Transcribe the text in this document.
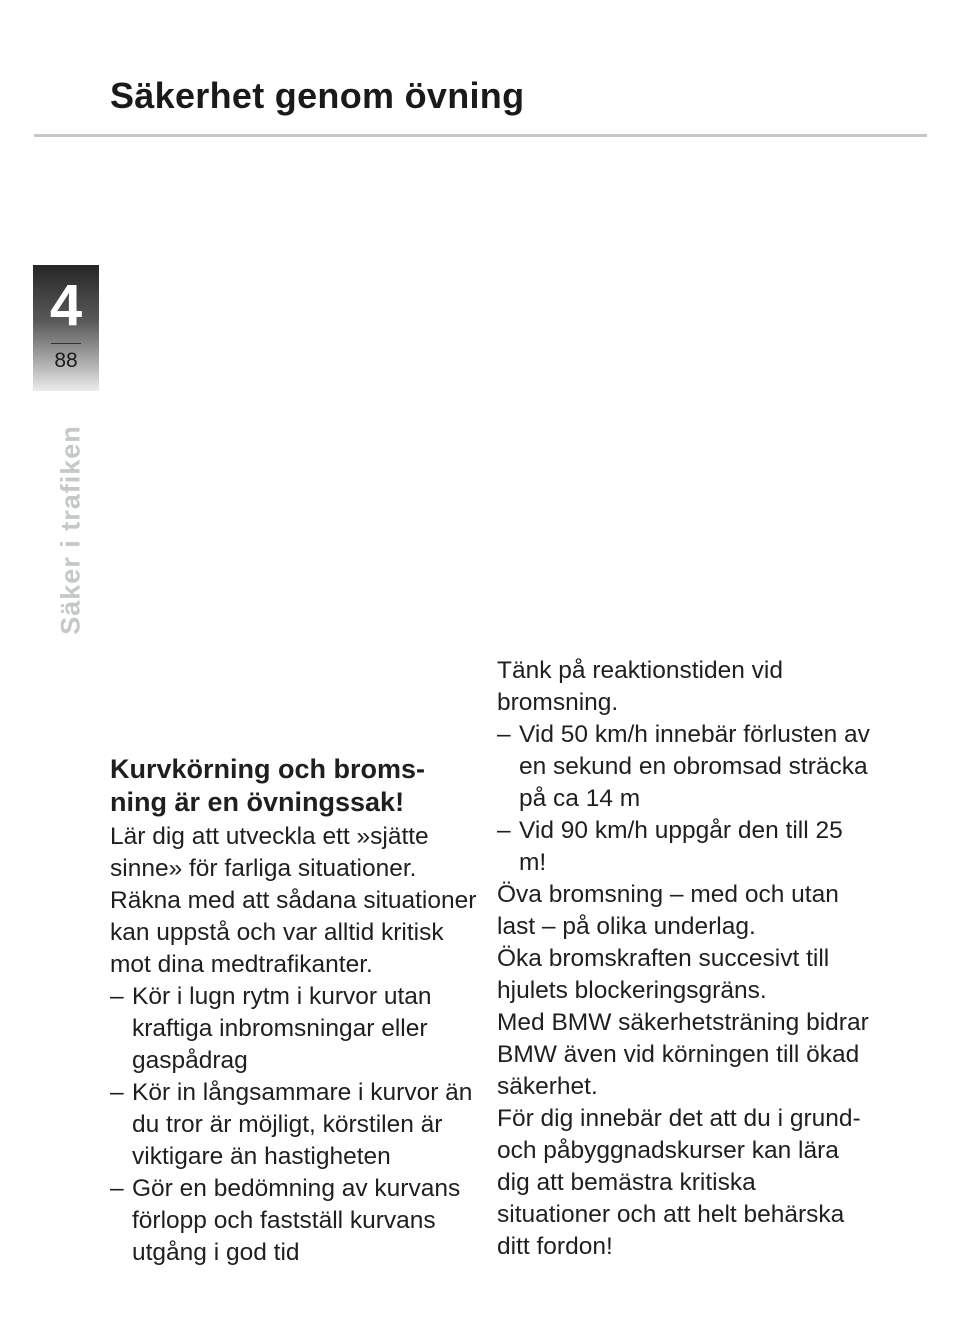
Säkerhet genom övning
4
88
Säker i trafiken
Kurvkörning och broms-
ning är en övningssak!

Lär dig att utveckla ett »sjätte sinne» för farliga situationer.

Räkna med att sådana situationer kan uppstå och var alltid kritisk mot dina medtrafikanter.

– Kör i lugn rytm i kurvor utan kraftiga inbromsningar eller gaspådrag
– Kör in långsammare i kurvor än du tror är möjligt, körstilen är viktigare än hastigheten
– Gör en bedömning av kurvans förlopp och fastställ kurvans utgång i god tid

Tänk på reaktionstiden vid bromsning.

– Vid 50 km/h innebär förlusten av en sekund en obromsad sträcka på ca 14 m
– Vid 90 km/h uppgår den till 25 m!

Öva bromsning – med och utan last – på olika underlag.

Öka bromskraften succesivt till hjulets blockeringsgräns.

Med BMW säkerhetsträning bidrar BMW även vid körningen till ökad säkerhet.

För dig innebär det att du i grund- och påbyggnadskurser kan lära dig att bemästra kritiska situationer och att helt behärska ditt fordon!
